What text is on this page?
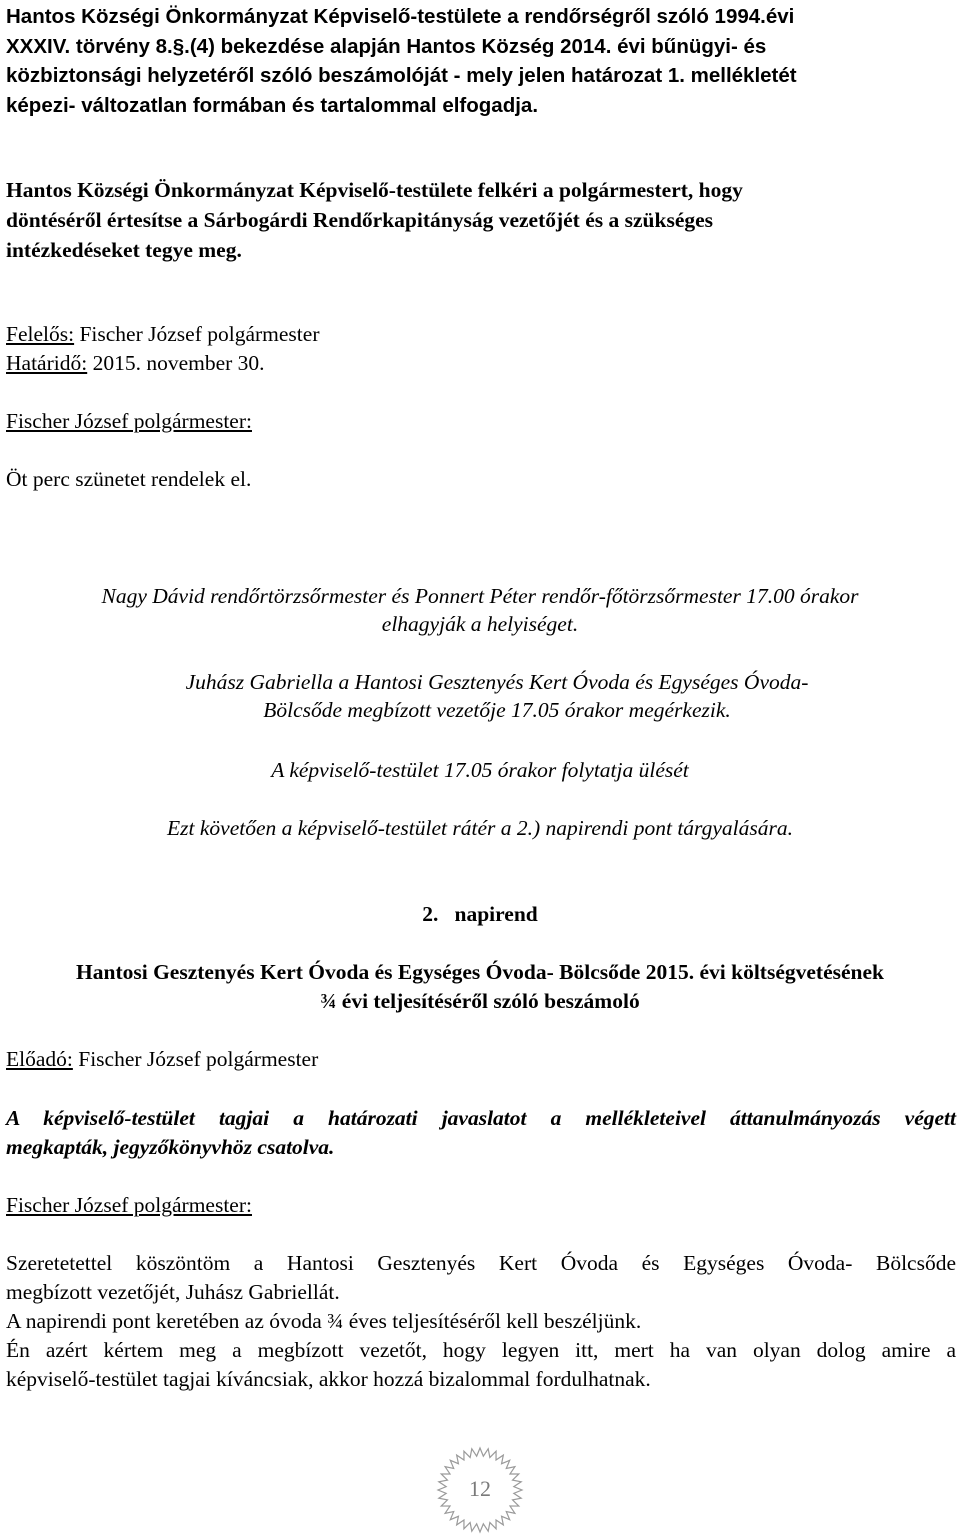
Hantos Községi Önkormányzat Képviselő-testülete a rendőrségről szóló 1994.évi
XXXIV. törvény 8.§.(4) bekezdése alapján Hantos Község 2014. évi bűnügyi- és
közbiztonsági helyzetéről szóló beszámolóját - mely jelen határozat 1. mellékletét
képezi- változatlan formában és tartalommal elfogadja.
Hantos Községi Önkormányzat Képviselő-testülete felkéri a polgármestert, hogy
döntéséről értesítse a Sárbogárdi Rendőrkapitányság vezetőjét és a szükséges
intézkedéseket tegye meg.
Felelős: Fischer József polgármester
Határidő: 2015. november 30.
Fischer József polgármester:
Öt perc szünetet rendelek el.
Nagy Dávid rendőrtörzsőrmester és Ponnert Péter rendőr-főtörzsőrmester 17.00 órakor
elhagyják a helyiséget.
Juhász Gabriella a Hantosi Gesztenyés Kert Óvoda és Egységes Óvoda-
Bölcsőde megbízott vezetője 17.05 órakor megérkezik.
A képviselő-testület 17.05 órakor folytatja ülését
Ezt követően a képviselő-testület rátér a 2.) napirendi pont tárgyalására.
2. napirend
Hantosi Gesztenyés Kert Óvoda és Egységes Óvoda- Bölcsőde 2015. évi költségvetésének
¾ évi teljesítéséről szóló beszámoló
Előadó: Fischer József polgármester
A képviselő-testület tagjai a határozati javaslatot a mellékleteivel áttanulmányozás végett
megkapták, jegyzőkönyvhöz csatolva.
Fischer József polgármester:
Szeretetettel köszöntöm a Hantosi Gesztenyés Kert Óvoda és Egységes Óvoda- Bölcsőde
megbízott vezetőjét, Juhász Gabriellát.
A napirendi pont keretében az óvoda ¾ éves teljesítéséről kell beszéljünk.
Én azért kértem meg a megbízott vezetőt, hogy legyen itt, mert ha van olyan dolog amire a
képviselő-testület tagjai kíváncsiak, akkor hozzá bizalommal fordulhatnak.
12
